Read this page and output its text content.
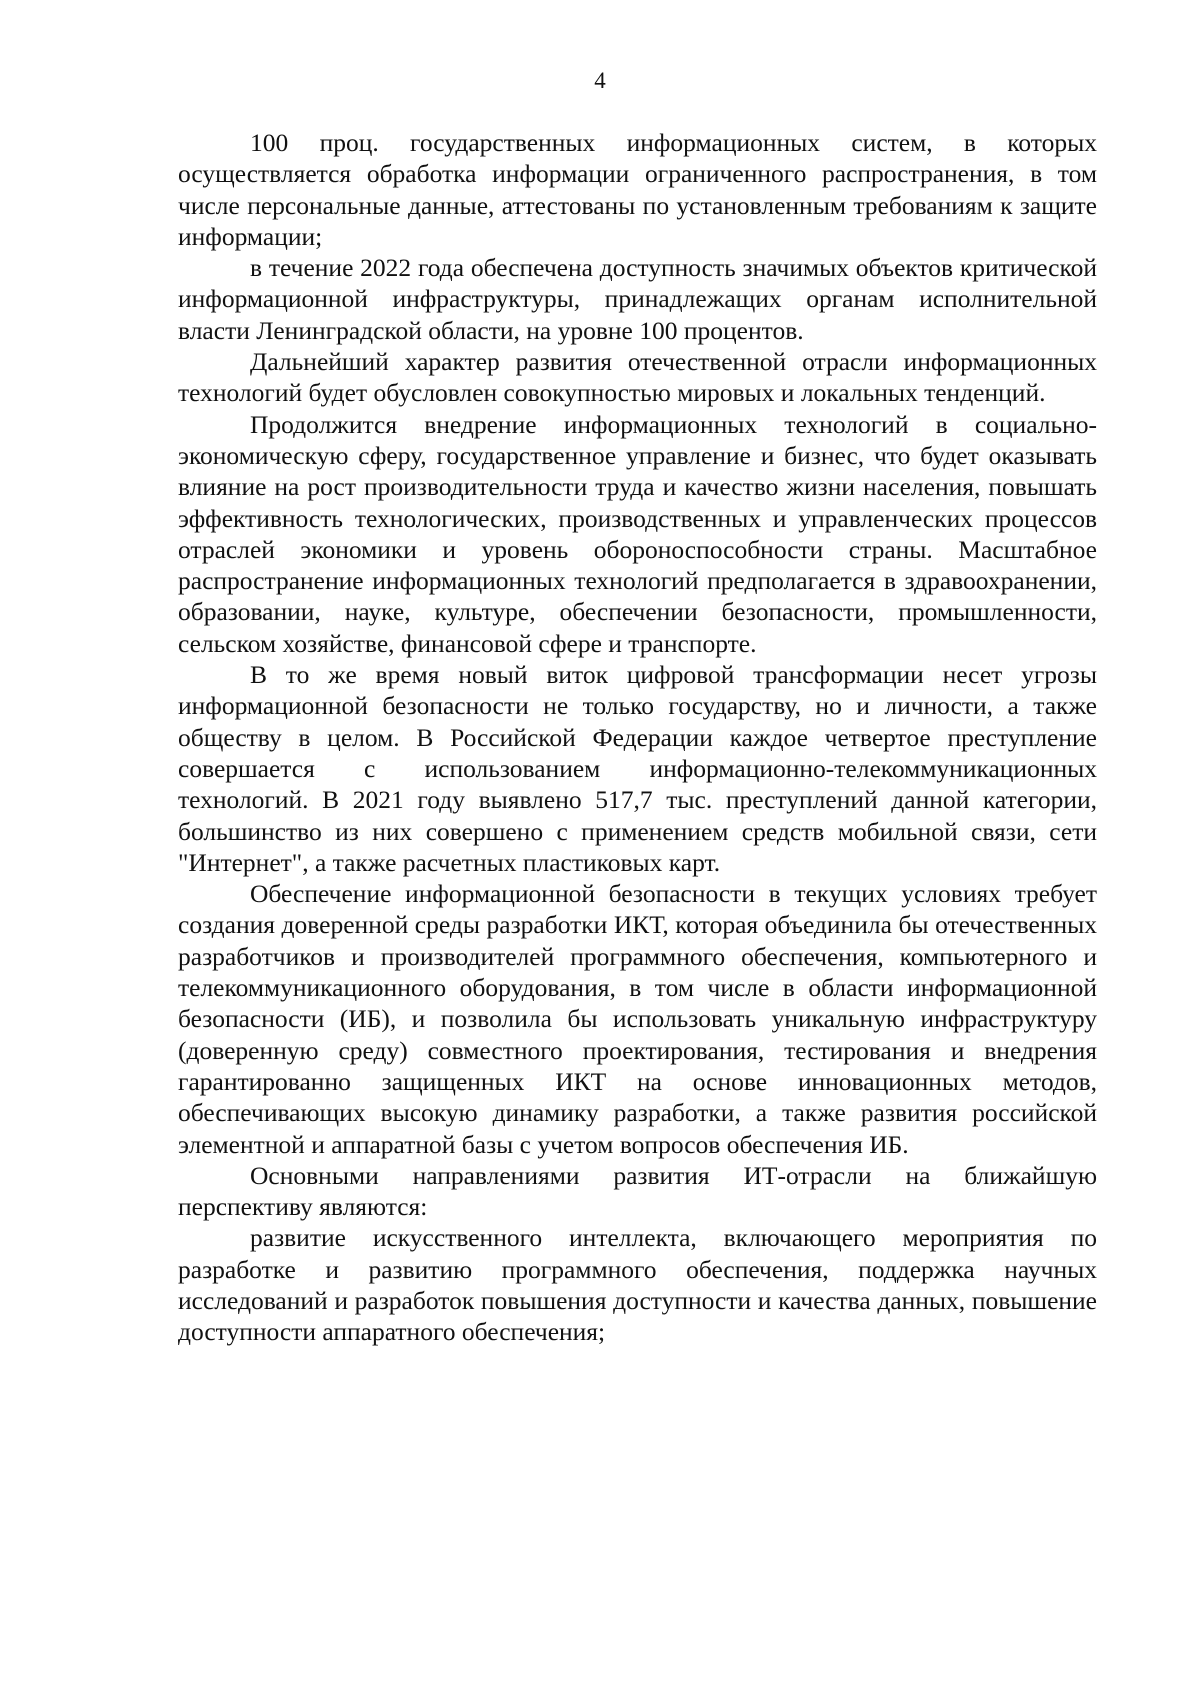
4

100 проц. государственных информационных систем, в которых осуществляется обработка информации ограниченного распространения, в том числе персональные данные, аттестованы по установленным требованиям к защите информации;

в течение 2022 года обеспечена доступность значимых объектов критической информационной инфраструктуры, принадлежащих органам исполнительной власти Ленинградской области, на уровне 100 процентов.

Дальнейший характер развития отечественной отрасли информационных технологий будет обусловлен совокупностью мировых и локальных тенденций.

Продолжится внедрение информационных технологий в социально-экономическую сферу, государственное управление и бизнес, что будет оказывать влияние на рост производительности труда и качество жизни населения, повышать эффективность технологических, производственных и управленческих процессов отраслей экономики и уровень обороноспособности страны. Масштабное распространение информационных технологий предполагается в здравоохранении, образовании, науке, культуре, обеспечении безопасности, промышленности, сельском хозяйстве, финансовой сфере и транспорте.

В то же время новый виток цифровой трансформации несет угрозы информационной безопасности не только государству, но и личности, а также обществу в целом. В Российской Федерации каждое четвертое преступление совершается с использованием информационно-телекоммуникационных технологий. В 2021 году выявлено 517,7 тыс. преступлений данной категории, большинство из них совершено с применением средств мобильной связи, сети "Интернет", а также расчетных пластиковых карт.

Обеспечение информационной безопасности в текущих условиях требует создания доверенной среды разработки ИКТ, которая объединила бы отечественных разработчиков и производителей программного обеспечения, компьютерного и телекоммуникационного оборудования, в том числе в области информационной безопасности (ИБ), и позволила бы использовать уникальную инфраструктуру (доверенную среду) совместного проектирования, тестирования и внедрения гарантированно защищенных ИКТ на основе инновационных методов, обеспечивающих высокую динамику разработки, а также развития российской элементной и аппаратной базы с учетом вопросов обеспечения ИБ.

Основными направлениями развития ИТ-отрасли на ближайшую перспективу являются:

развитие искусственного интеллекта, включающего мероприятия по разработке и развитию программного обеспечения, поддержка научных исследований и разработок повышения доступности и качества данных, повышение доступности аппаратного обеспечения;
